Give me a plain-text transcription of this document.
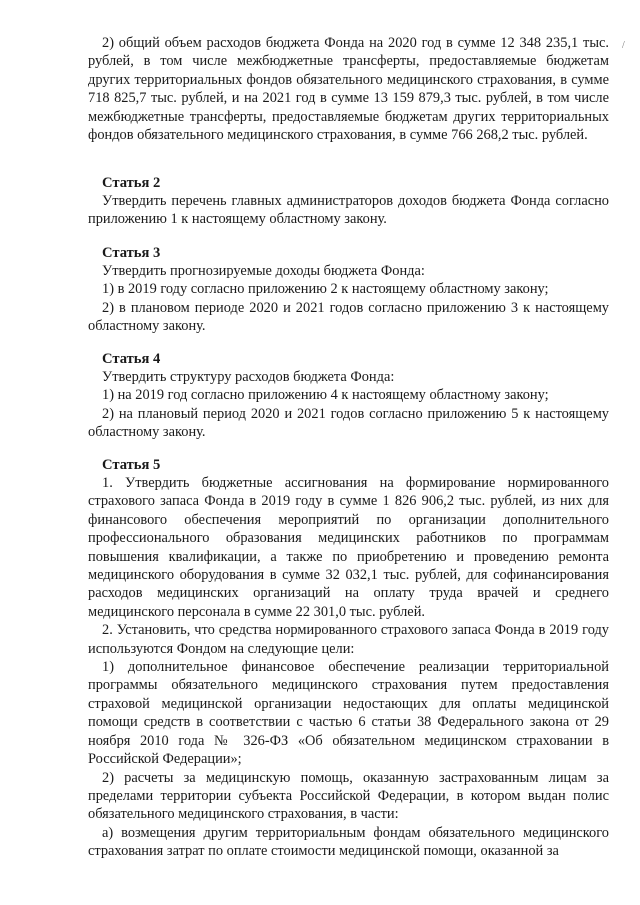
/

2) общий объем расходов бюджета Фонда на 2020 год в сумме 12 348 235,1 тыс. рублей, в том числе межбюджетные трансферты, предоставляемые бюджетам других территориальных фондов обязательного медицинского страхования, в сумме 718 825,7 тыс. рублей, и на 2021 год в сумме 13 159 879,3 тыс. рублей, в том числе межбюджетные трансферты, предоставляемые бюджетам других территориальных фондов обязательного медицинского страхования, в сумме 766 268,2 тыс. рублей.

Статья 2

Утвердить перечень главных администраторов доходов бюджета Фонда согласно приложению 1 к настоящему областному закону.

Статья 3

Утвердить прогнозируемые доходы бюджета Фонда:

1) в 2019 году согласно приложению 2 к настоящему областному закону;

2) в плановом периоде 2020 и 2021 годов согласно приложению 3 к настоящему областному закону.

Статья 4

Утвердить структуру расходов бюджета Фонда:

1) на 2019 год согласно приложению 4 к настоящему областному закону;

2) на плановый период 2020 и 2021 годов согласно приложению 5 к настоящему областному закону.

Статья 5

1. Утвердить бюджетные ассигнования на формирование нормированного страхового запаса Фонда в 2019 году в сумме 1 826 906,2 тыс. рублей, из них для финансового обеспечения мероприятий по организации дополнительного профессионального образования медицинских работников по программам повышения квалификации, а также по приобретению и проведению ремонта медицинского оборудования в сумме 32 032,1 тыс. рублей, для софинансирования расходов медицинских организаций на оплату труда врачей и среднего медицинского персонала в сумме 22 301,0 тыс. рублей.

2. Установить, что средства нормированного страхового запаса Фонда в 2019 году используются Фондом на следующие цели:

1) дополнительное финансовое обеспечение реализации территориальной программы обязательного медицинского страхования путем предоставления страховой медицинской организации недостающих для оплаты медицинской помощи средств в соответствии с частью 6 статьи 38 Федерального закона от 29 ноября 2010 года № 326-ФЗ «Об обязательном медицинском страховании в Российской Федерации»;

2) расчеты за медицинскую помощь, оказанную застрахованным лицам за пределами территории субъекта Российской Федерации, в котором выдан полис обязательного медицинского страхования, в части:

а) возмещения другим территориальным фондам обязательного медицинского страхования затрат по оплате стоимости медицинской помощи, оказанной за
